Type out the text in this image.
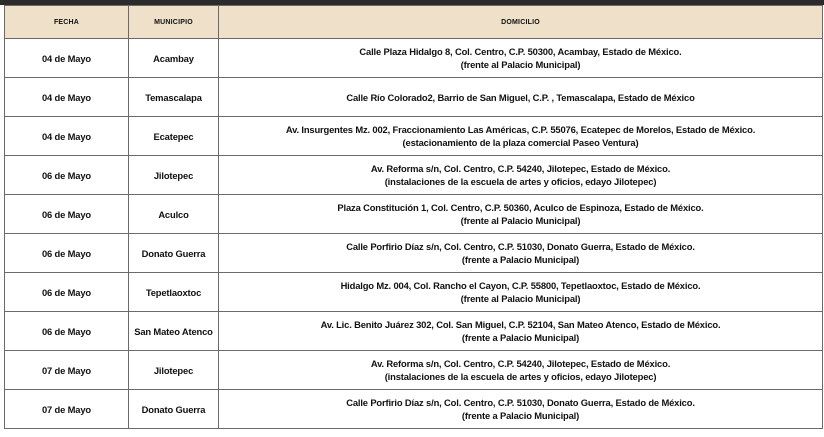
FECHA	MUNICIPIO	DOMICILIO
04 de Mayo	Acambay	Calle Plaza Hidalgo 8, Col. Centro, C.P. 50300, Acambay, Estado de México.
(frente al Palacio Municipal)

04 de Mayo	Temascalapa	Calle Río Colorado2, Barrio de San Miguel, C.P. , Temascalapa, Estado de México

04 de Mayo	Ecatepec	Av. Insurgentes Mz. 002, Fraccionamiento Las Américas, C.P. 55076, Ecatepec de Morelos, Estado de México.
(estacionamiento de la plaza comercial Paseo Ventura)

06 de Mayo	Jilotepec	Av. Reforma s/n, Col. Centro, C.P. 54240, Jilotepec, Estado de México.
(instalaciones de la escuela de artes y oficios, edayo Jilotepec)

06 de Mayo	Aculco	Plaza Constitución 1, Col. Centro, C.P. 50360, Aculco de Espinoza, Estado de México.
(frente al Palacio Municipal)

06 de Mayo	Donato Guerra	Calle Porfirio Díaz s/n, Col. Centro, C.P. 51030, Donato Guerra, Estado de México.
(frente a Palacio Municipal)

06 de Mayo	Tepetlaoxtoc	Hidalgo Mz. 004, Col. Rancho el Cayon, C.P. 55800, Tepetlaoxtoc, Estado de México.
(frente al Palacio Municipal)

06 de Mayo	San Mateo Atenco	Av. Lic. Benito Juárez 302, Col. San Miguel, C.P. 52104, San Mateo Atenco, Estado de México.
(frente a Palacio Municipal)

07 de Mayo	Jilotepec	Av. Reforma s/n, Col. Centro, C.P. 54240, Jilotepec, Estado de México.
(instalaciones de la escuela de artes y oficios, edayo Jilotepec)

07 de Mayo	Donato Guerra	Calle Porfirio Díaz s/n, Col. Centro, C.P. 51030, Donato Guerra, Estado de México.
(frente a Palacio Municipal)
